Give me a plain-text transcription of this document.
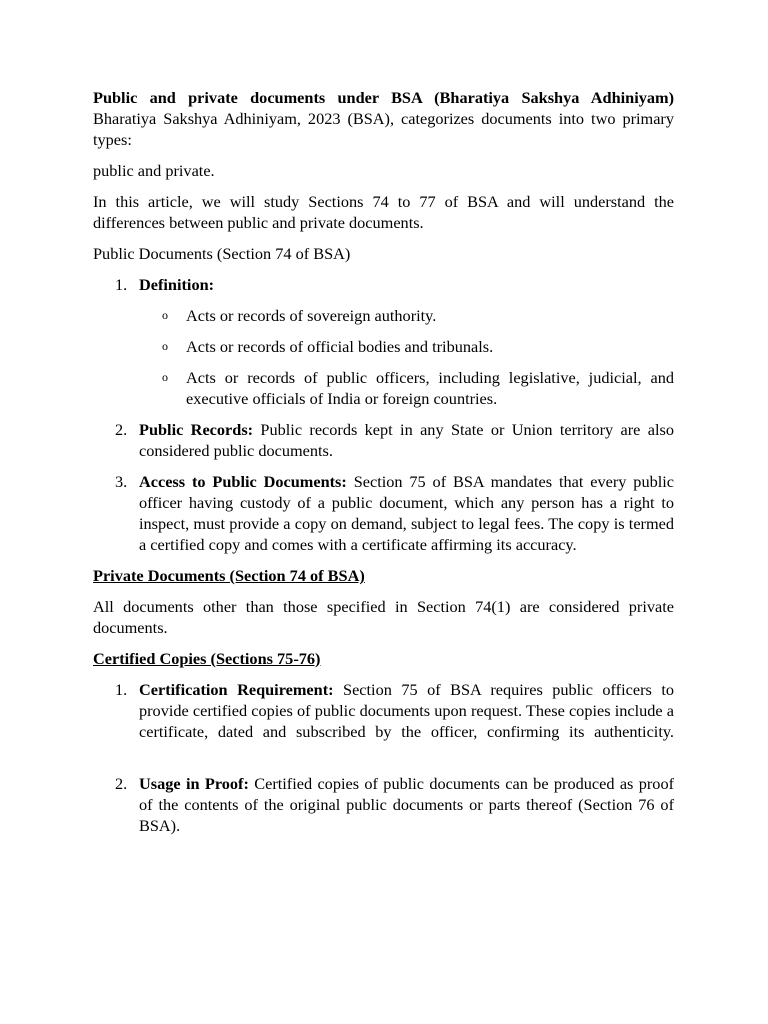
Public and private documents under BSA (Bharatiya Sakshya Adhiniyam)

Bharatiya Sakshya Adhiniyam, 2023 (BSA), categorizes documents into two primary types:

public and private.

In this article, we will study Sections 74 to 77 of BSA and will understand the differences between public and private documents.

Public Documents (Section 74 of BSA)

1. Definition:
o Acts or records of sovereign authority.
o Acts or records of official bodies and tribunals.
o Acts or records of public officers, including legislative, judicial, and executive officials of India or foreign countries.
2. Public Records: Public records kept in any State or Union territory are also considered public documents.
3. Access to Public Documents: Section 75 of BSA mandates that every public officer having custody of a public document, which any person has a right to inspect, must provide a copy on demand, subject to legal fees. The copy is termed a certified copy and comes with a certificate affirming its accuracy.

Private Documents (Section 74 of BSA)

All documents other than those specified in Section 74(1) are considered private documents.

Certified Copies (Sections 75-76)

1. Certification Requirement: Section 75 of BSA requires public officers to provide certified copies of public documents upon request. These copies include a certificate, dated and subscribed by the officer, confirming its authenticity.
2. Usage in Proof: Certified copies of public documents can be produced as proof of the contents of the original public documents or parts thereof (Section 76 of BSA).
